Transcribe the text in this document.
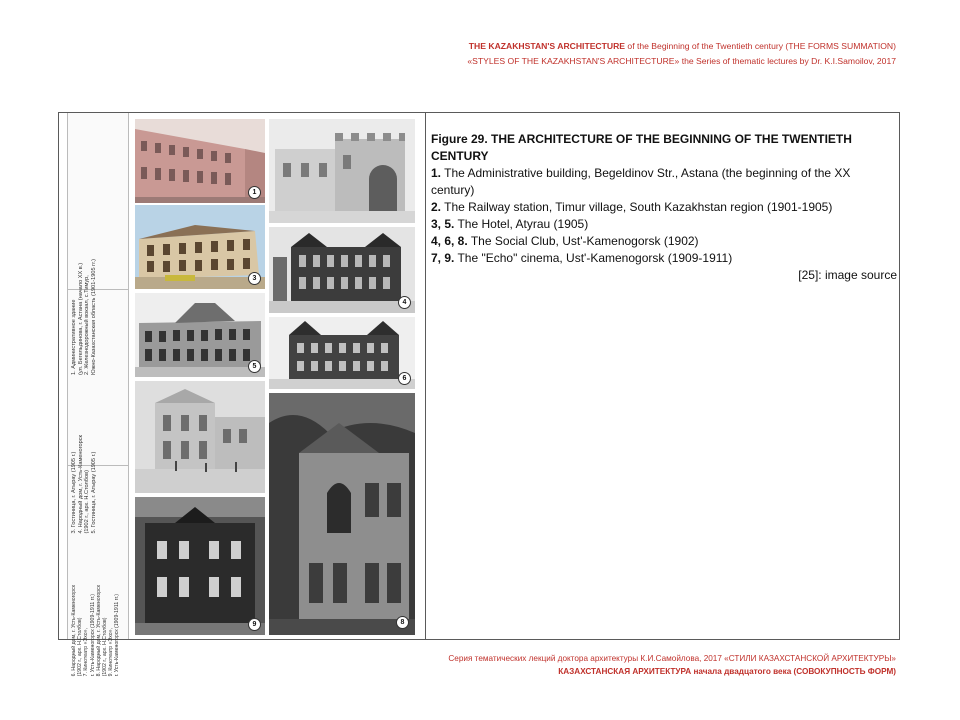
THE KAZAKHSTAN'S ARCHITECTURE of the Beginning of the Twentieth century (THE FORMS SUMMATION)
«STYLES OF THE KAZAKHSTAN'S ARCHITECTURE» the Series of thematic lectures by Dr. K.I.Samoilov, 2017
1. Административное здание (ул. Бегельдинова, г. Астана (начало XX в.) 2. Железнодорожный вокзал, с.Тимур, Южно-Казахстанская область (1901-1905 гг.)
3. Гостиница, г. Атырау (1905 г.) 4. Народный дом, г. Усть-Каменогорск (1902 г., арх. Н.Столбов) 5. Гостиница, г. Атырау (1905 г.)
6. Народный дом, г. Усть-Каменогорск (1902 г., арх. Н.Столбов) 7. Кинотеатр «Эхо», г. Усть-Каменогорск (1909-1911 гг.) 8. Народный дом, г. Усть-Каменогорск (1902 г., арх. Н.Столбов) 9. Кинотеатр «Эхо», г. Усть-Каменогорск (1909-1911 гг.)
1
3
5
9
4
6
8
Figure 29. THE ARCHITECTURE OF THE BEGINNING OF THE TWENTIETH CENTURY
1. The Administrative building, Begeldinov Str., Astana (the beginning of the XX century)
2. The Railway station, Timur village, South Kazakhstan region (1901-1905)
3, 5. The Hotel, Atyrau (1905)
4, 6, 8. The Social Club, Ust'-Kamenogorsk (1902)
7, 9. The "Echo" cinema, Ust'-Kamenogorsk (1909-1911)
[25]: image source
Серия тематических лекций доктора архитектуры К.И.Самойлова, 2017 «СТИЛИ КАЗАХСТАНСКОЙ АРХИТЕКТУРЫ»
КАЗАХСТАНСКАЯ АРХИТЕКТУРА начала двадцатого века (СОВОКУПНОСТЬ ФОРМ)
